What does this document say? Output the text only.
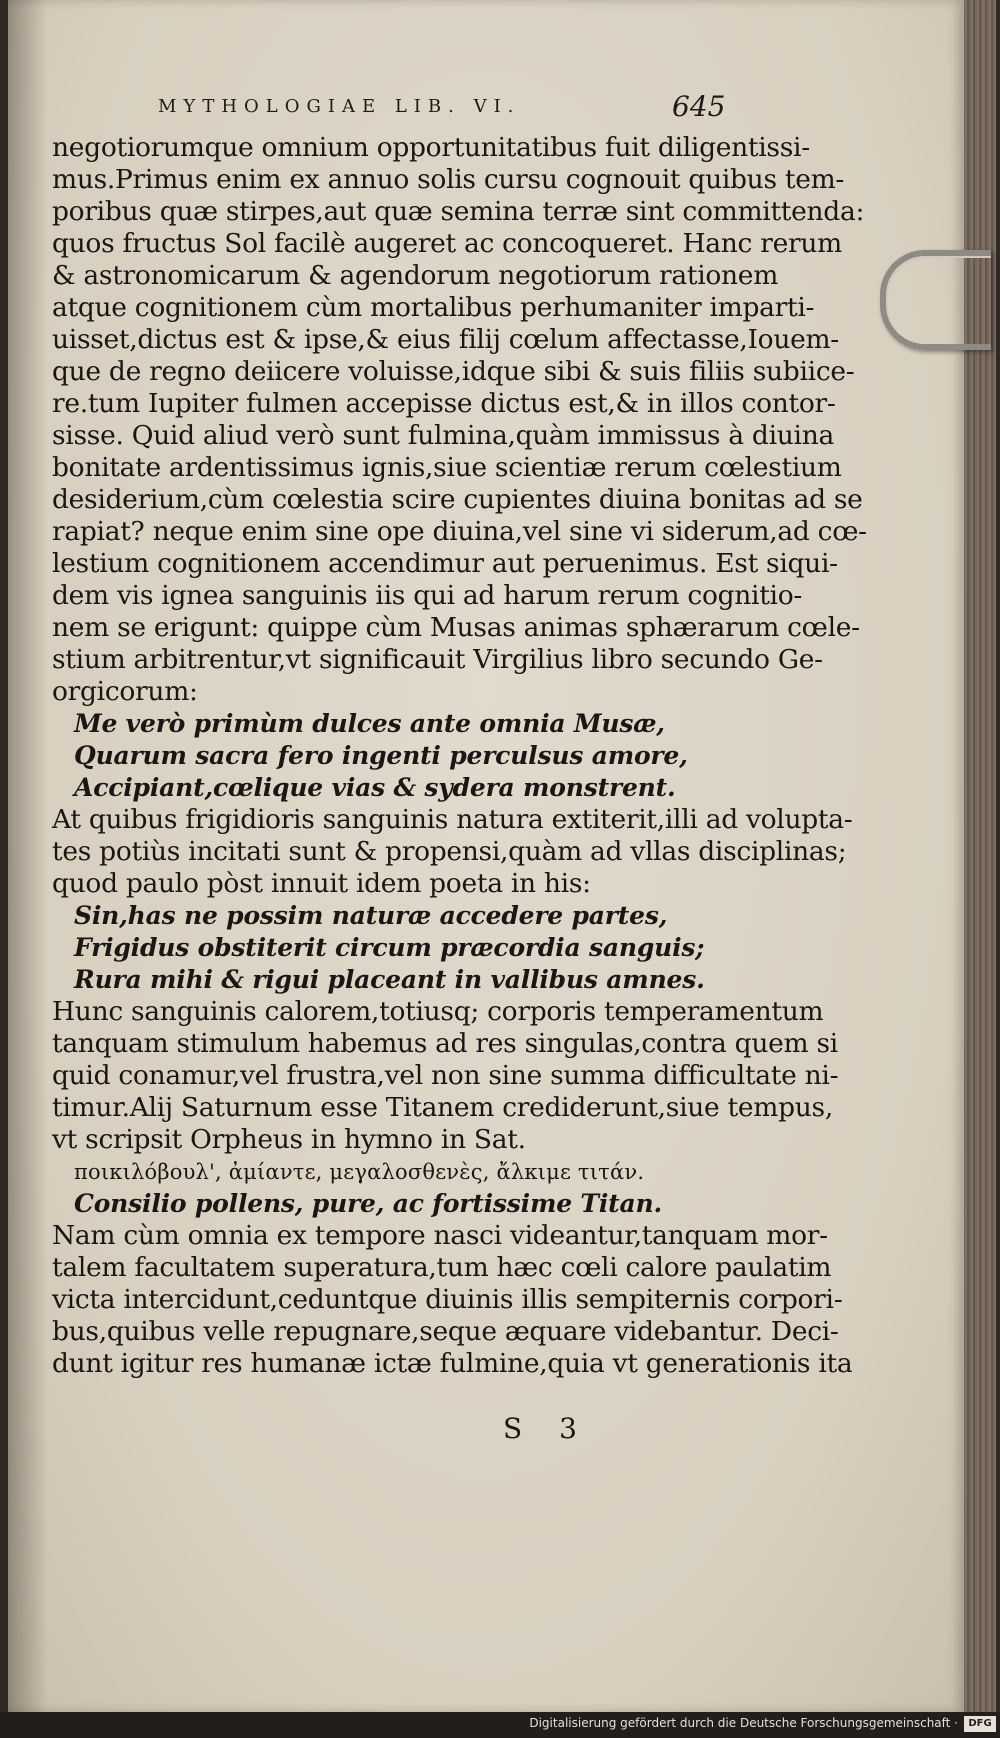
MYTHOLOGIAE LIB. VI.	645
negotiorumque omnium opportunitatibus fuit diligentissi-
mus.Primus enim ex annuo solis cursu cognouit quibus tem-
poribus quæ stirpes,aut quæ semina terræ sint committenda:
quos fructus Sol facilè augeret ac concoqueret. Hanc rerum
& astronomicarum & agendorum negotiorum rationem
atque cognitionem cùm mortalibus perhumaniter imparti-
uisset,dictus est & ipse,& eius filij cœlum affectasse,Iouem-
que de regno deiicere voluisse,idque sibi & suis filiis subiice-
re.tum Iupiter fulmen accepisse dictus est,& in illos contor-
sisse. Quid aliud verò sunt fulmina,quàm immissus à diuina
bonitate ardentissimus ignis,siue scientiæ rerum cœlestium
desiderium,cùm cœlestia scire cupientes diuina bonitas ad se
rapiat? neque enim sine ope diuina,vel sine vi siderum,ad cœ-
lestium cognitionem accendimur aut peruenimus. Est siqui-
dem vis ignea sanguinis iis qui ad harum rerum cognitio-
nem se erigunt: quippe cùm Musas animas sphærarum cœle-
stium arbitrentur,vt significauit Virgilius libro secundo Ge-
orgicorum:
Me verò primùm dulces ante omnia Musæ,
Quarum sacra fero ingenti perculsus amore,
Accipiant,cœlique vias & sydera monstrent.
At quibus frigidioris sanguinis natura extiterit,illi ad volupta-
tes potiùs incitati sunt & propensi,quàm ad vllas disciplinas;
quod paulo pòst innuit idem poeta in his:
Sin,has ne possim naturæ accedere partes,
Frigidus obstiterit circum præcordia sanguis;
Rura mihi & rigui placeant in vallibus amnes.
Hunc sanguinis calorem,totiusq; corporis temperamentum
tanquam stimulum habemus ad res singulas,contra quem si
quid conamur,vel frustra,vel non sine summa difficultate ni-
timur.Alij Saturnum esse Titanem crediderunt,siue tempus,
vt scripsit Orpheus in hymno in Sat.
ποικιλόβουλ', ἀμίαντε, μεγαλοσθενὲς, ἄλκιμε τιτάν.
Consilio pollens, pure, ac fortissime Titan.
Nam cùm omnia ex tempore nasci videantur,tanquam mor-
talem facultatem superatura,tum hæc cœli calore paulatim
victa intercidunt,ceduntque diuinis illis sempiternis corpori-
bus,quibus velle repugnare,seque æquare videbantur. Deci-
dunt igitur res humanæ ictæ fulmine,quia vt generationis ita
S 3
Digitalisierung gefördert durch die Deutsche Forschungsgemeinschaft ·	DFG
